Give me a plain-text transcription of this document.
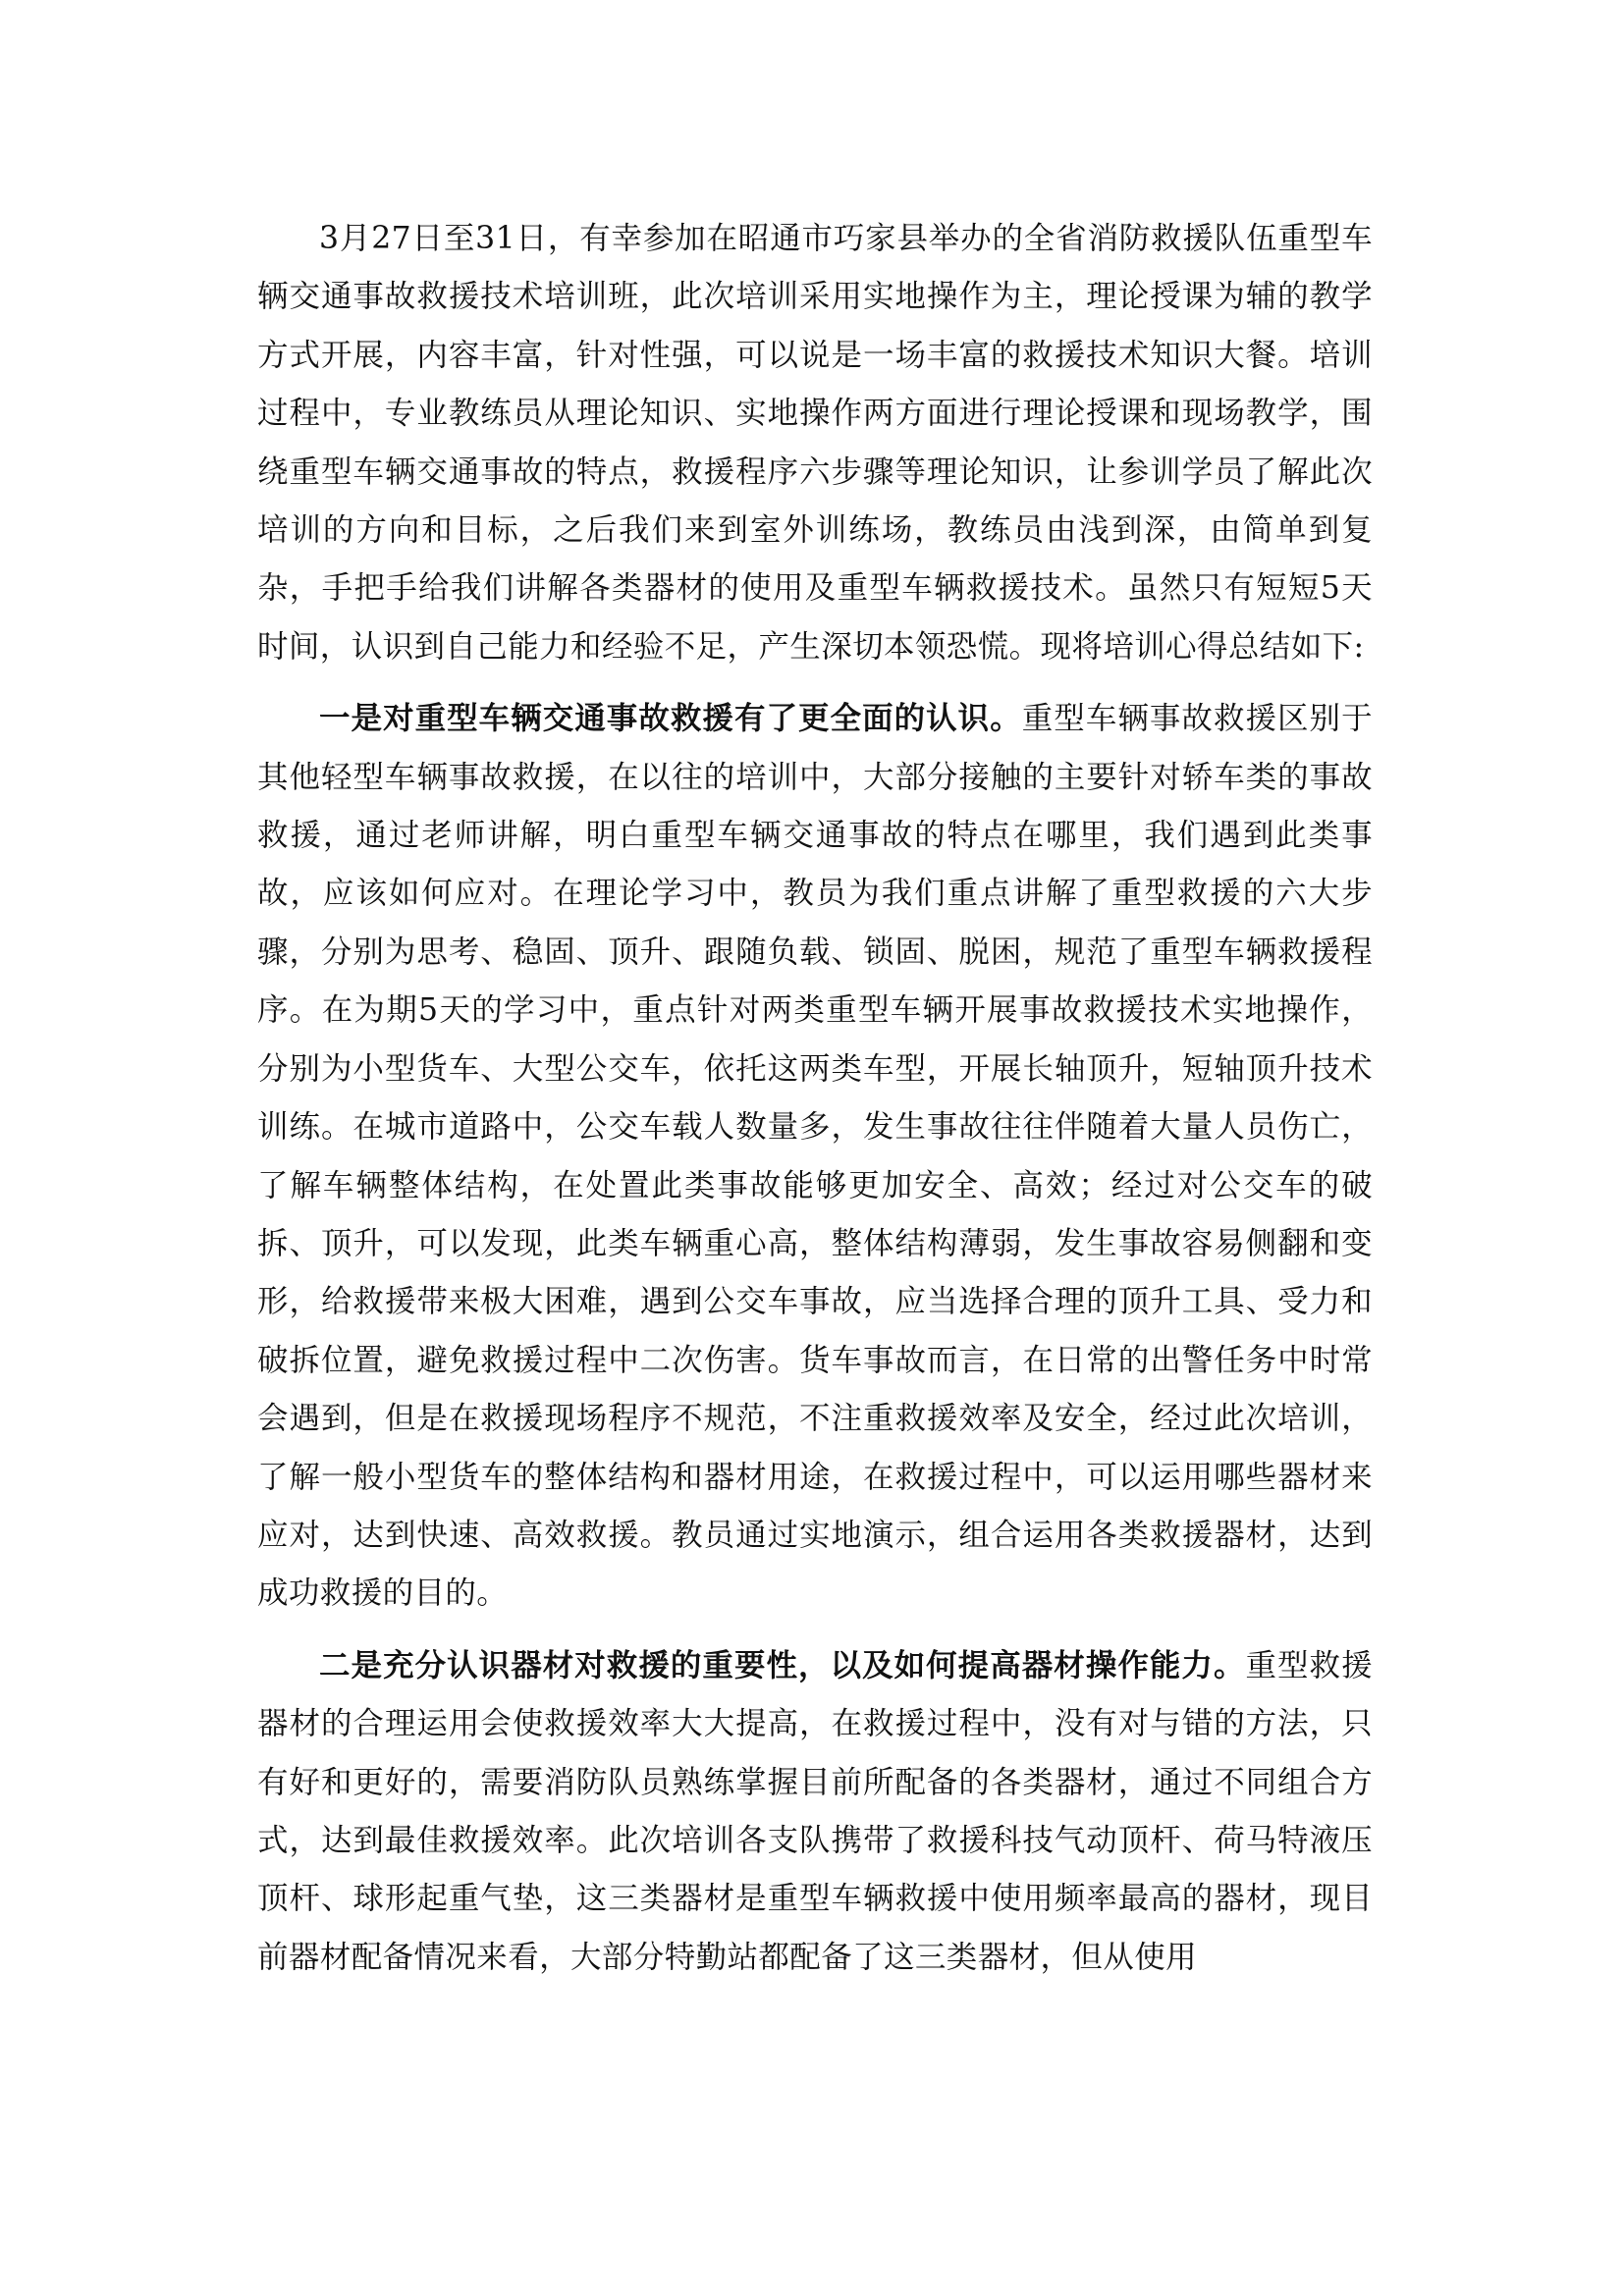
3月27日至31日，有幸参加在昭通市巧家县举办的全省消防救援队伍重型车辆交通事故救援技术培训班，此次培训采用实地操作为主，理论授课为辅的教学方式开展，内容丰富，针对性强，可以说是一场丰富的救援技术知识大餐。培训过程中，专业教练员从理论知识、实地操作两方面进行理论授课和现场教学，围绕重型车辆交通事故的特点，救援程序六步骤等理论知识，让参训学员了解此次培训的方向和目标，之后我们来到室外训练场，教练员由浅到深，由简单到复杂，手把手给我们讲解各类器材的使用及重型车辆救援技术。虽然只有短短5天时间，认识到自己能力和经验不足，产生深切本领恐慌。现将培训心得总结如下:

一是对重型车辆交通事故救援有了更全面的认识。重型车辆事故救援区别于其他轻型车辆事故救援，在以往的培训中，大部分接触的主要针对轿车类的事故救援，通过老师讲解，明白重型车辆交通事故的特点在哪里，我们遇到此类事故，应该如何应对。在理论学习中，教员为我们重点讲解了重型救援的六大步骤，分别为思考、稳固、顶升、跟随负载、锁固、脱困，规范了重型车辆救援程序。在为期5天的学习中，重点针对两类重型车辆开展事故救援技术实地操作，分别为小型货车、大型公交车，依托这两类车型，开展长轴顶升，短轴顶升技术训练。在城市道路中，公交车载人数量多，发生事故往往伴随着大量人员伤亡，了解车辆整体结构，在处置此类事故能够更加安全、高效；经过对公交车的破拆、顶升，可以发现，此类车辆重心高，整体结构薄弱，发生事故容易侧翻和变形，给救援带来极大困难，遇到公交车事故，应当选择合理的顶升工具、受力和破拆位置，避免救援过程中二次伤害。货车事故而言，在日常的出警任务中时常会遇到，但是在救援现场程序不规范，不注重救援效率及安全，经过此次培训，了解一般小型货车的整体结构和器材用途，在救援过程中，可以运用哪些器材来应对，达到快速、高效救援。教员通过实地演示，组合运用各类救援器材，达到成功救援的目的。

二是充分认识器材对救援的重要性，以及如何提高器材操作能力。重型救援器材的合理运用会使救援效率大大提高，在救援过程中，没有对与错的方法，只有好和更好的，需要消防队员熟练掌握目前所配备的各类器材，通过不同组合方式，达到最佳救援效率。此次培训各支队携带了救援科技气动顶杆、荷马特液压顶杆、球形起重气垫，这三类器材是重型车辆救援中使用频率最高的器材，现目前器材配备情况来看，大部分特勤站都配备了这三类器材，但从使用
